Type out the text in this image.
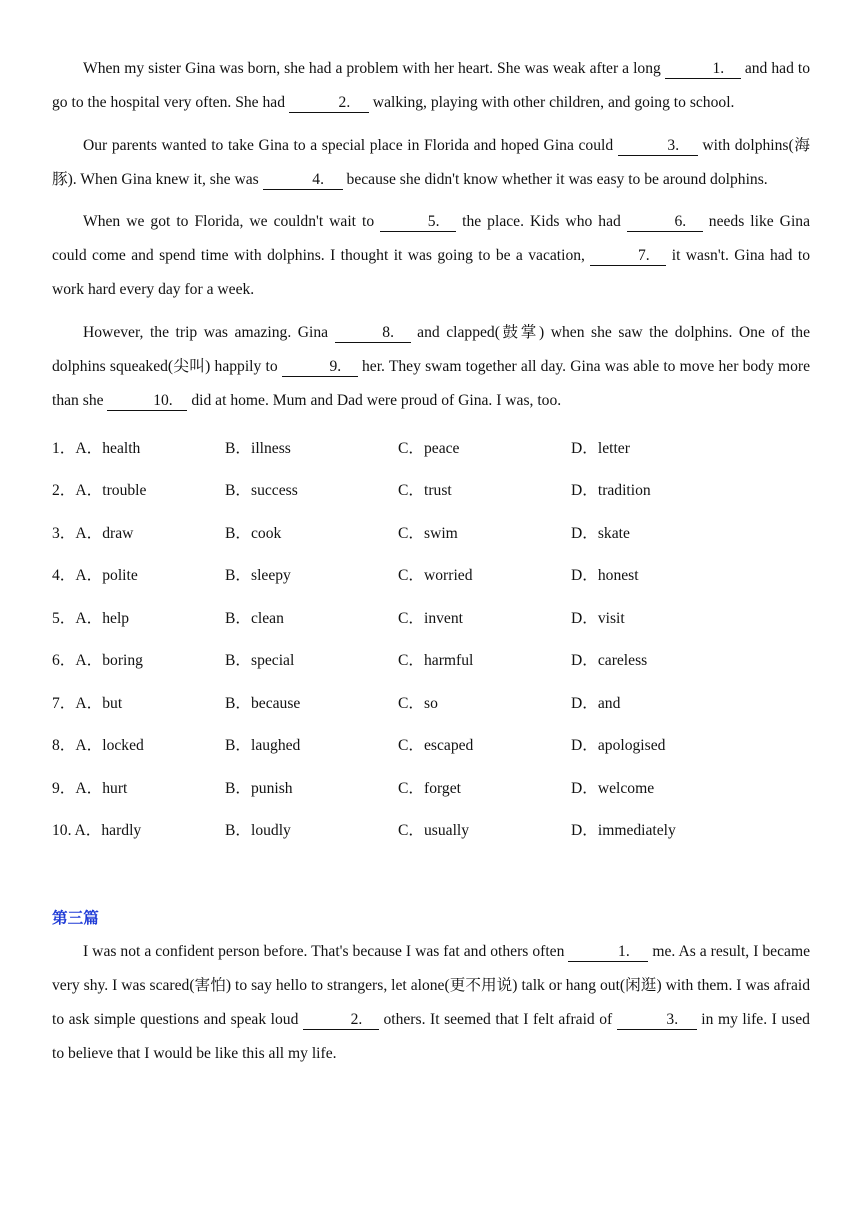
When my sister Gina was born, she had a problem with her heart. She was weak after a long	1. and had to go to the hospital very often. She had	2. walking, playing with other children, and going to school.

Our parents wanted to take Gina to a special place in Florida and hoped Gina could	3. with dolphins(海豚). When Gina knew it, she was	4. because she didn't know whether it was easy to be around dolphins.

When we got to Florida, we couldn't wait to	5. the place. Kids who had	6. needs like Gina could come and spend time with dolphins. I thought it was going to be a vacation,	7. it wasn't. Gina had to work hard every day for a week.

However, the trip was amazing. Gina	8. and clapped(鼓掌) when she saw the dolphins. One of the dolphins squeaked(尖叫) happily to	9. her. They swam together all day. Gina was able to move her body more than she	10. did at home. Mum and Dad were proud of Gina. I was, too.

1．A．health	B．illness	C．peace	D．letter
2．A．trouble	B．success	C．trust	D．tradition
3．A．draw	B．cook	C．swim	D．skate
4．A．polite	B．sleepy	C．worried	D．honest
5．A．help	B．clean	C．invent	D．visit
6．A．boring	B．special	C．harmful	D．careless
7．A．but	B．because	C．so	D．and
8．A．locked	B．laughed	C．escaped	D．apologised
9．A．hurt	B．punish	C．forget	D．welcome
10. A．hardly	B．loudly	C．usually	D．immediately
第三篇

I was not a confident person before. That's because I was fat and others often	1. me. As a result, I became very shy. I was scared(害怕) to say hello to strangers, let alone(更不用说) talk or hang out(闲逛) with them. I was afraid to ask simple questions and speak loud	2. others. It seemed that I felt afraid of	3. in my life. I used to believe that I would be like this all my life.
